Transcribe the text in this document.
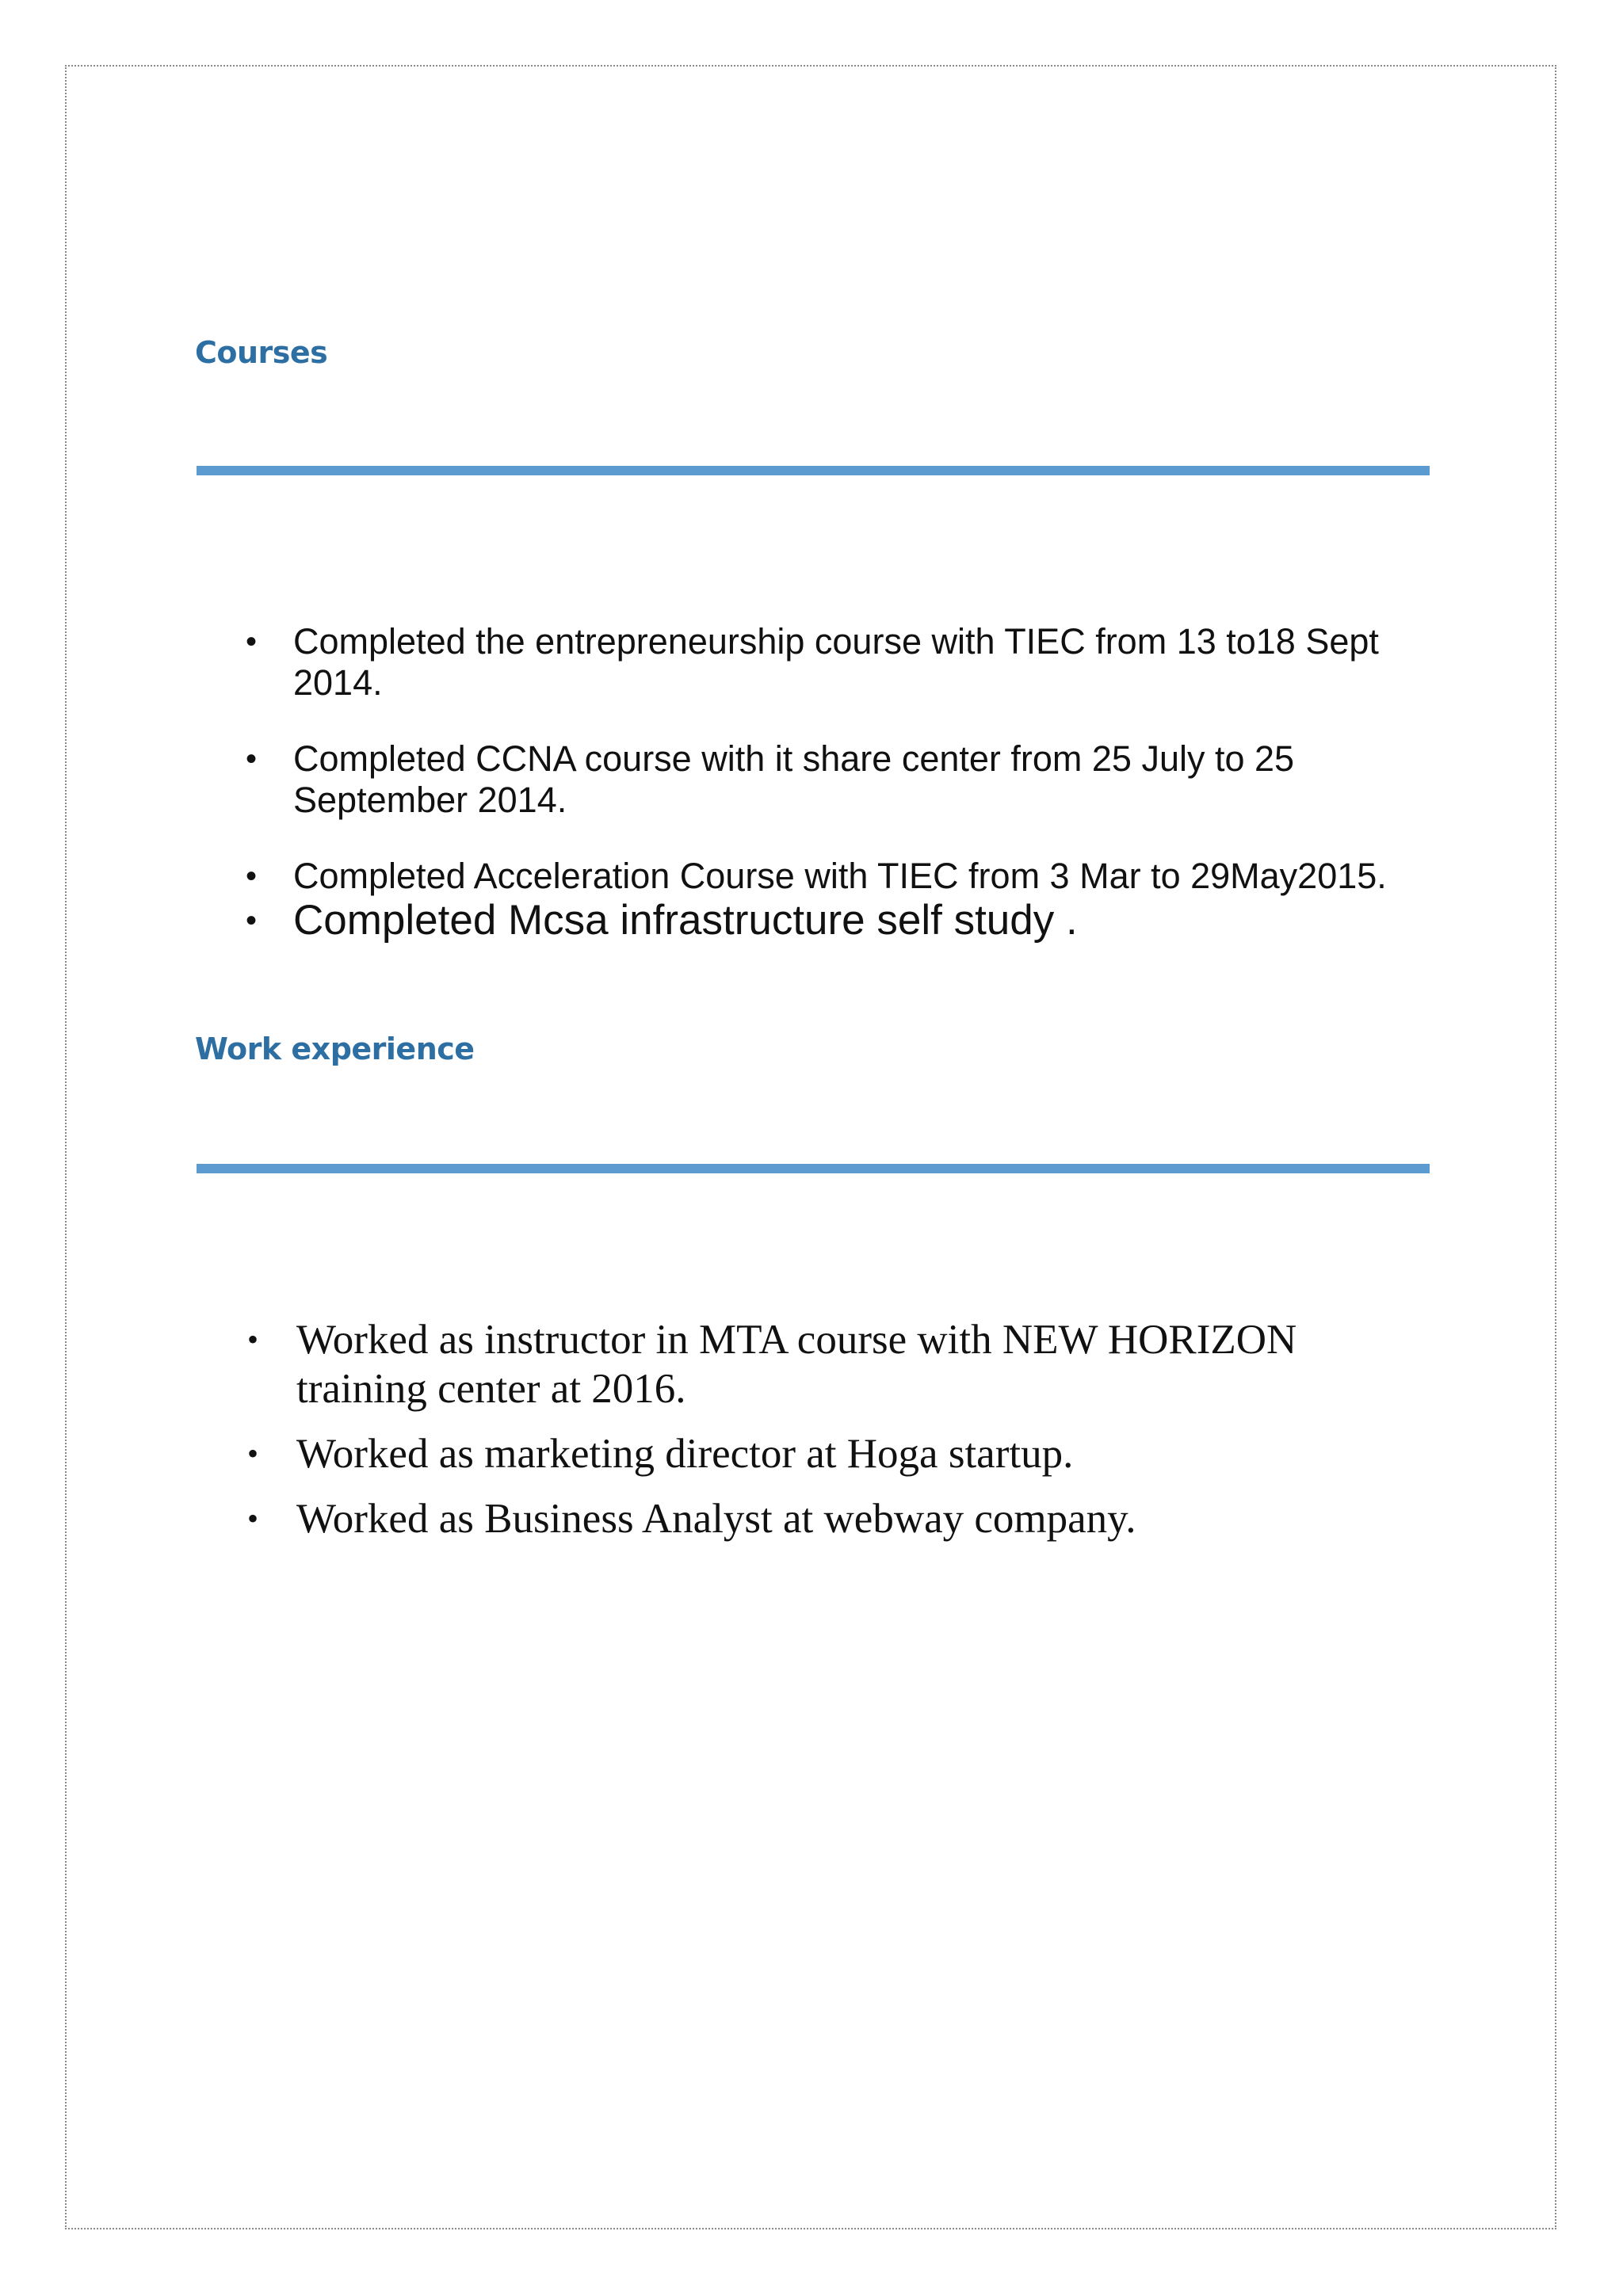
Courses
• Completed the entrepreneurship course with TIEC from 13 to18 Sept 2014.
• Completed CCNA course with it share center from 25 July to 25 September 2014.
• Completed Acceleration Course with TIEC from 3 Mar to 29May2015.
• Completed Mcsa infrastructure self study .
Work experience
• Worked as instructor in MTA course with NEW HORIZON training center at 2016.
• Worked as marketing director at Hoga startup.
• Worked as Business Analyst at webway company.
